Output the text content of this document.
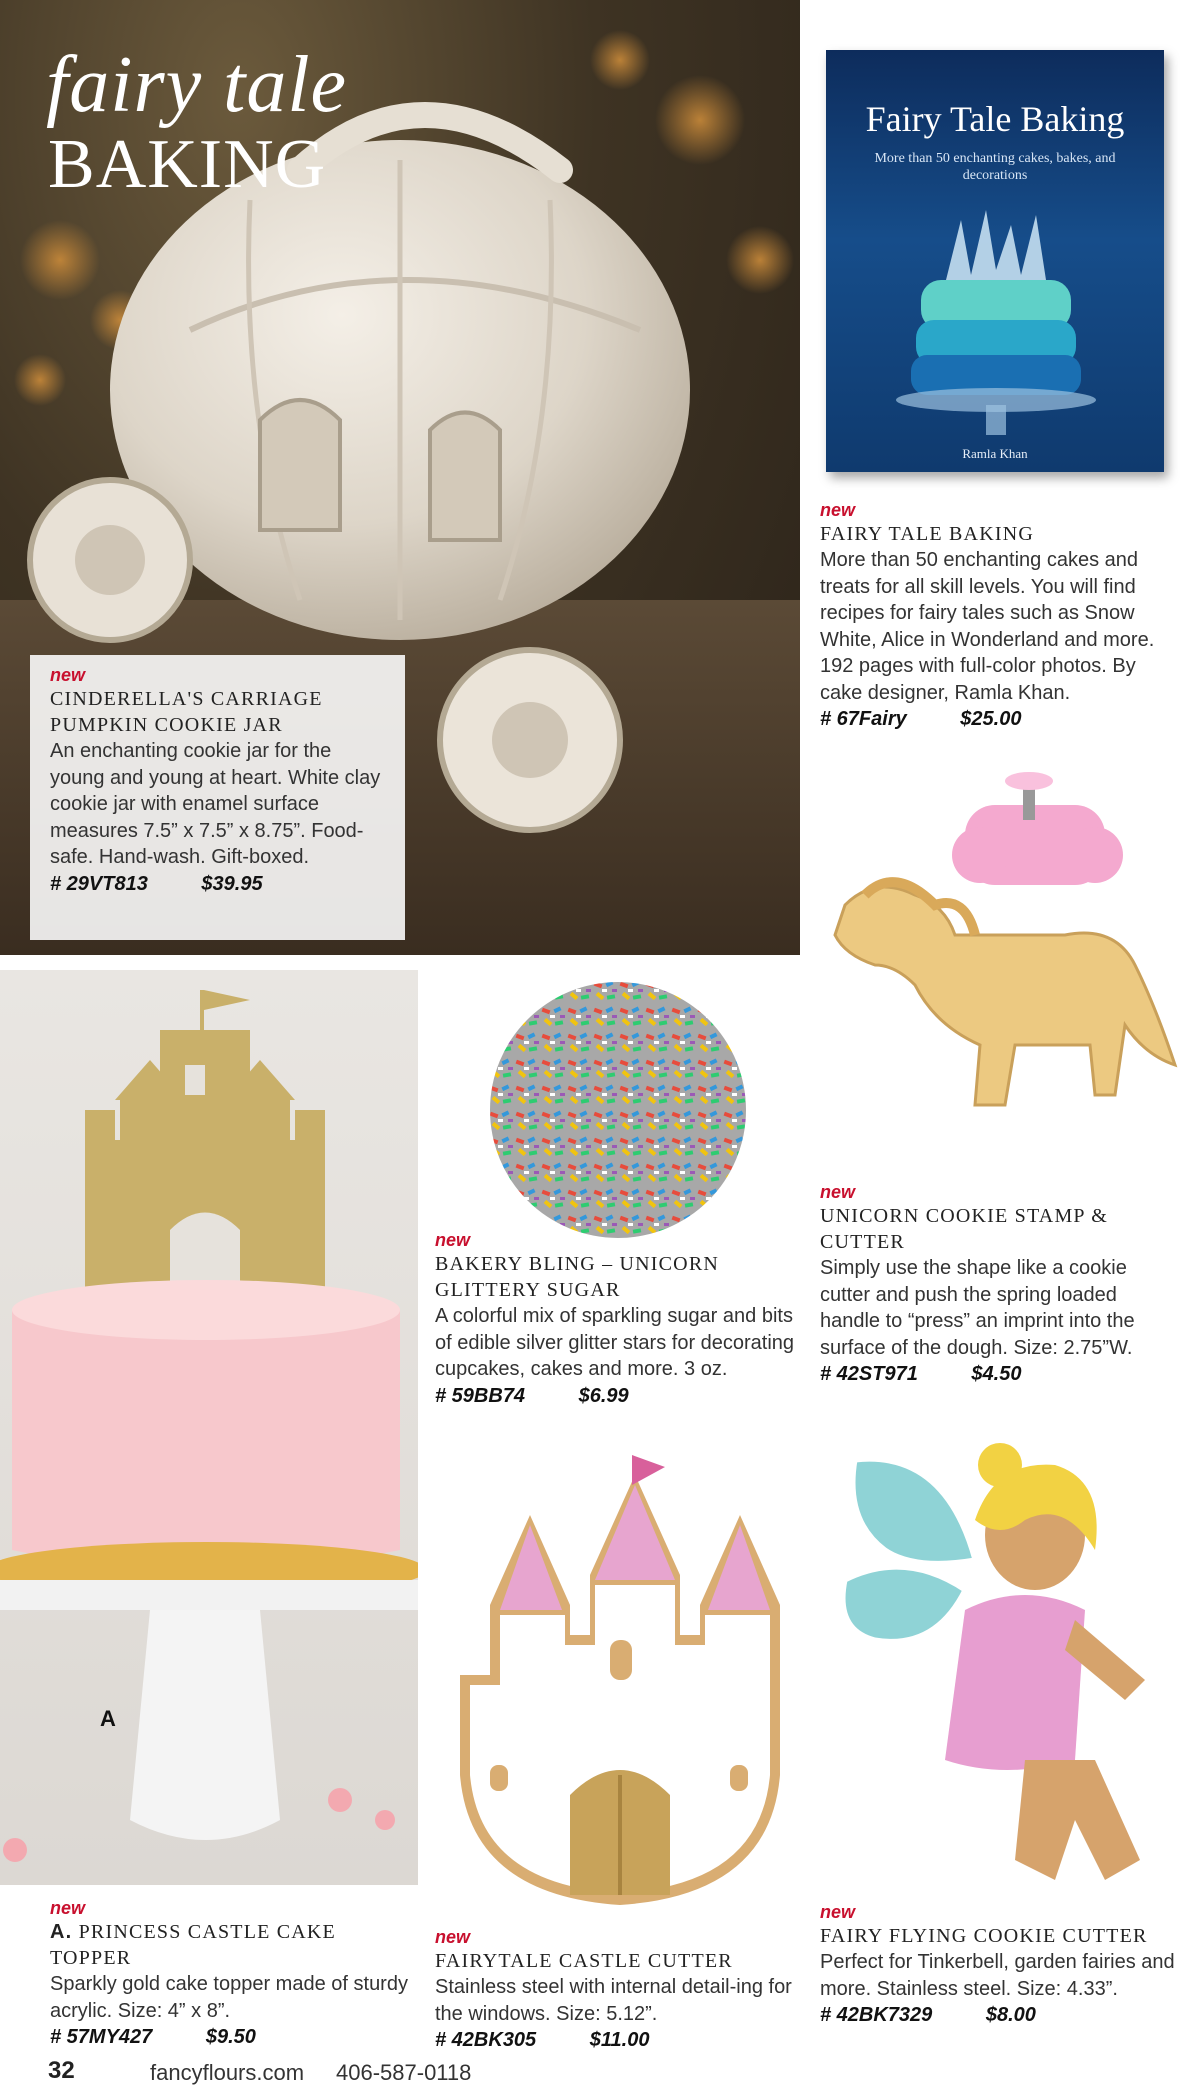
fairy tale
BAKING
new
CINDERELLA'S CARRIAGE PUMPKIN COOKIE JAR
An enchanting cookie jar for the young and young at heart. White clay cookie jar with enamel surface measures 7.5” x 7.5” x 8.75”. Food-safe. Hand-wash. Gift-boxed.
# 29VT813	$39.95
Fairy Tale Baking
More than 50 enchanting cakes, bakes, and decorations
Ramla Khan
new
FAIRY TALE BAKING
More than 50 enchanting cakes and treats for all skill levels. You will find recipes for fairy tales such as Snow White, Alice in Wonderland and more. 192 pages with full-color photos. By cake designer, Ramla Khan.
# 67Fairy	$25.00
new
UNICORN COOKIE STAMP & CUTTER
Simply use the shape like a cookie cutter and push the spring loaded handle to “press” an imprint into the surface of the dough. Size: 2.75”W.
# 42ST971	$4.50
A
new
A. PRINCESS CASTLE CAKE TOPPER
Sparkly gold cake topper made of sturdy acrylic. Size: 4” x 8”.
# 57MY427	$9.50
new
BAKERY BLING – UNICORN GLITTERY SUGAR
A colorful mix of sparkling sugar and bits of edible silver glitter stars for decorating cupcakes, cakes and more. 3 oz.
# 59BB74	$6.99
new
FAIRYTALE CASTLE CUTTER
Stainless steel with internal detail-ing for the windows. Size: 5.12”.
# 42BK305	$11.00
new
FAIRY FLYING COOKIE CUTTER
Perfect for Tinkerbell, garden fairies and more. Stainless steel. Size: 4.33”.
# 42BK7329	$8.00
32	fancyflours.com 406-587-0118
